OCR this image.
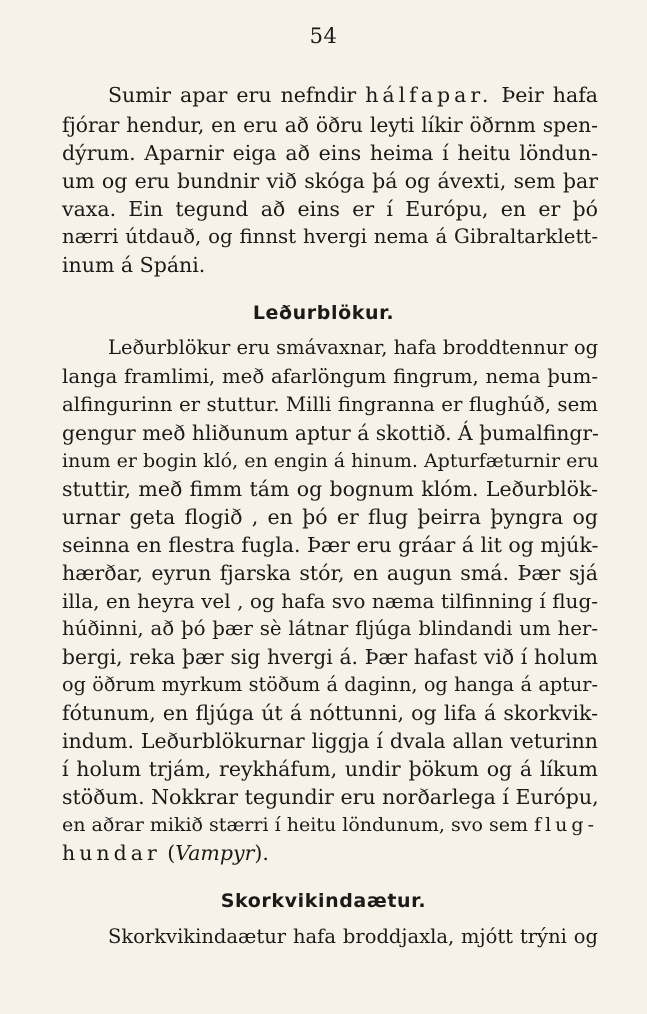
54
Sumir apar eru nefndir hálfapar. Þeir hafa
fjórar hendur, en eru að öðru leyti líkir öðrnm spen-
dýrum. Aparnir eiga að eins heima í heitu löndun-
um og eru bundnir við skóga þá og ávexti, sem þar
vaxa. Ein tegund að eins er í Európu, en er þó
nærri útdauð, og finnst hvergi nema á Gibraltarklett-
inum á Spáni.
Leðurblökur.
Leðurblökur eru smávaxnar, hafa broddtennur og
langa framlimi, með afarlöngum fingrum, nema þum-
alfingurinn er stuttur. Milli fingranna er flughúð, sem
gengur með hliðunum aptur á skottið. Á þumalfingr-
inum er bogin kló, en engin á hinum. Apturfæturnir eru
stuttir, með fimm tám og bognum klóm. Leðurblök-
urnar geta flogið , en þó er flug þeirra þyngra og
seinna en flestra fugla. Þær eru gráar á lit og mjúk-
hærðar, eyrun fjarska stór, en augun smá. Þær sjá
illa, en heyra vel , og hafa svo næma tilfinning í flug-
húðinni, að þó þær sè látnar fljúga blindandi um her-
bergi, reka þær sig hvergi á. Þær hafast við í holum
og öðrum myrkum stöðum á daginn, og hanga á aptur-
fótunum, en fljúga út á nóttunni, og lifa á skorkvik-
indum. Leðurblökurnar liggja í dvala allan veturinn
í holum trjám, reykháfum, undir þökum og á líkum
stöðum. Nokkrar tegundir eru norðarlega í Európu,
en aðrar mikið stærri í heitu löndunum, svo sem flug-
hundar (Vampyr).
Skorkvikindaætur.
Skorkvikindaætur hafa broddjaxla, mjótt trýni og
